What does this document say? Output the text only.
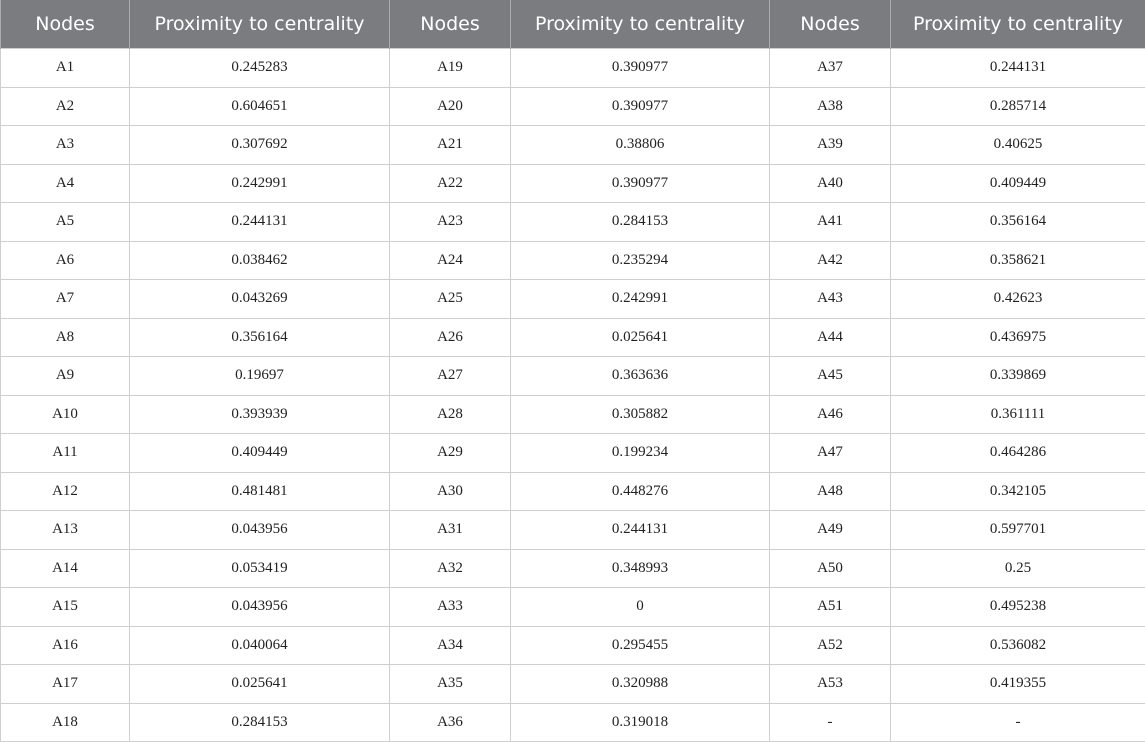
Nodes	Proximity to centrality	Nodes	Proximity to centrality	Nodes	Proximity to centrality
A1	0.245283	A19	0.390977	A37	0.244131
A2	0.604651	A20	0.390977	A38	0.285714
A3	0.307692	A21	0.38806	A39	0.40625
A4	0.242991	A22	0.390977	A40	0.409449
A5	0.244131	A23	0.284153	A41	0.356164
A6	0.038462	A24	0.235294	A42	0.358621
A7	0.043269	A25	0.242991	A43	0.42623
A8	0.356164	A26	0.025641	A44	0.436975
A9	0.19697	A27	0.363636	A45	0.339869
A10	0.393939	A28	0.305882	A46	0.361111
A11	0.409449	A29	0.199234	A47	0.464286
A12	0.481481	A30	0.448276	A48	0.342105
A13	0.043956	A31	0.244131	A49	0.597701
A14	0.053419	A32	0.348993	A50	0.25
A15	0.043956	A33	0	A51	0.495238
A16	0.040064	A34	0.295455	A52	0.536082
A17	0.025641	A35	0.320988	A53	0.419355
A18	0.284153	A36	0.319018	-	-
